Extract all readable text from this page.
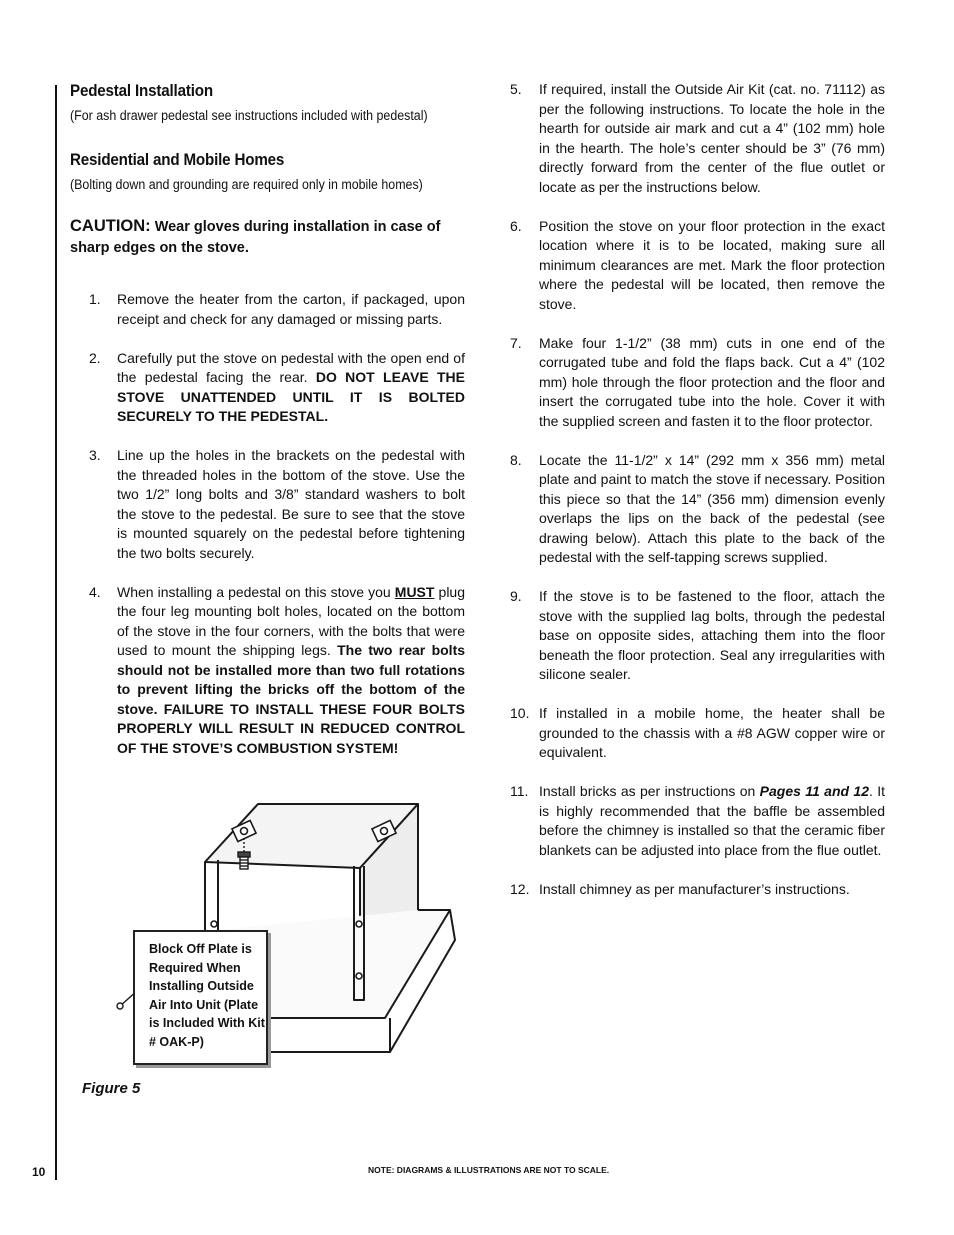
Pedestal Installation

(For ash drawer pedestal see instructions included with pedestal)

Residential and Mobile Homes

(Bolting down and grounding are required only in mobile homes)

CAUTION: Wear gloves during installation in case of sharp edges on the stove.
1.	Remove the heater from the carton, if packaged, upon receipt and check for any damaged or missing parts.
2.	Carefully put the stove on pedestal with the open end of the pedestal facing the rear. DO NOT LEAVE THE STOVE UNATTENDED UNTIL IT IS BOLTED SECURELY TO THE PEDESTAL.
3.	Line up the holes in the brackets on the pedestal with the threaded holes in the bottom of the stove. Use the two 1/2” long bolts and 3/8” standard washers to bolt the stove to the pedestal. Be sure to see that the stove is mounted squarely on the pedestal before tightening the two bolts securely.
4.	When installing a pedestal on this stove you MUST plug the four leg mounting bolt holes, located on the bottom of the stove in the four corners, with the bolts that were used to mount the shipping legs. The two rear bolts should not be installed more than two full rotations to prevent lifting the bricks off the bottom of the stove. FAILURE TO INSTALL THESE FOUR BOLTS PROPERLY WILL RESULT IN REDUCED CONTROL OF THE STOVE’S COMBUSTION SYSTEM!
5.	If required, install the Outside Air Kit (cat. no. 71112) as per the following instructions. To locate the hole in the hearth for outside air mark and cut a 4” (102 mm) hole in the hearth. The hole’s center should be 3” (76 mm) directly forward from the center of the flue outlet or locate as per the instructions below.
6.	Position the stove on your floor protection in the exact location where it is to be located, making sure all minimum clearances are met. Mark the floor protection where the pedestal will be located, then remove the stove.
7.	Make four 1-1/2” (38 mm) cuts in one end of the corrugated tube and fold the flaps back. Cut a 4” (102 mm) hole through the floor protection and the floor and insert the corrugated tube into the hole. Cover it with the supplied screen and fasten it to the floor protector.
8.	Locate the 11-1/2” x 14” (292 mm x 356 mm) metal plate and paint to match the stove if necessary. Position this piece so that the 14” (356 mm) dimension evenly overlaps the lips on the back of the pedestal (see drawing below). Attach this plate to the back of the pedestal with the self-tapping screws supplied.
9.	If the stove is to be fastened to the floor, attach the stove with the supplied lag bolts, through the pedestal base on opposite sides, attaching them into the floor beneath the floor protection. Seal any irregularities with silicone sealer.
10. If installed in a mobile home, the heater shall be grounded to the chassis with a #8 AGW copper wire or equivalent.
11. Install bricks as per instructions on Pages 11 and 12. It is highly recommended that the baffle be assembled before the chimney is installed so that the ceramic fiber blankets can be adjusted into place from the flue outlet.
12. Install chimney as per manufacturer’s instructions.
Block Off Plate is Required When Installing Outside Air Into Unit (Plate is Included With Kit # OAK-P)
Figure 5
10	NOTE: DIAGRAMS & ILLUSTRATIONS ARE NOT TO SCALE.
